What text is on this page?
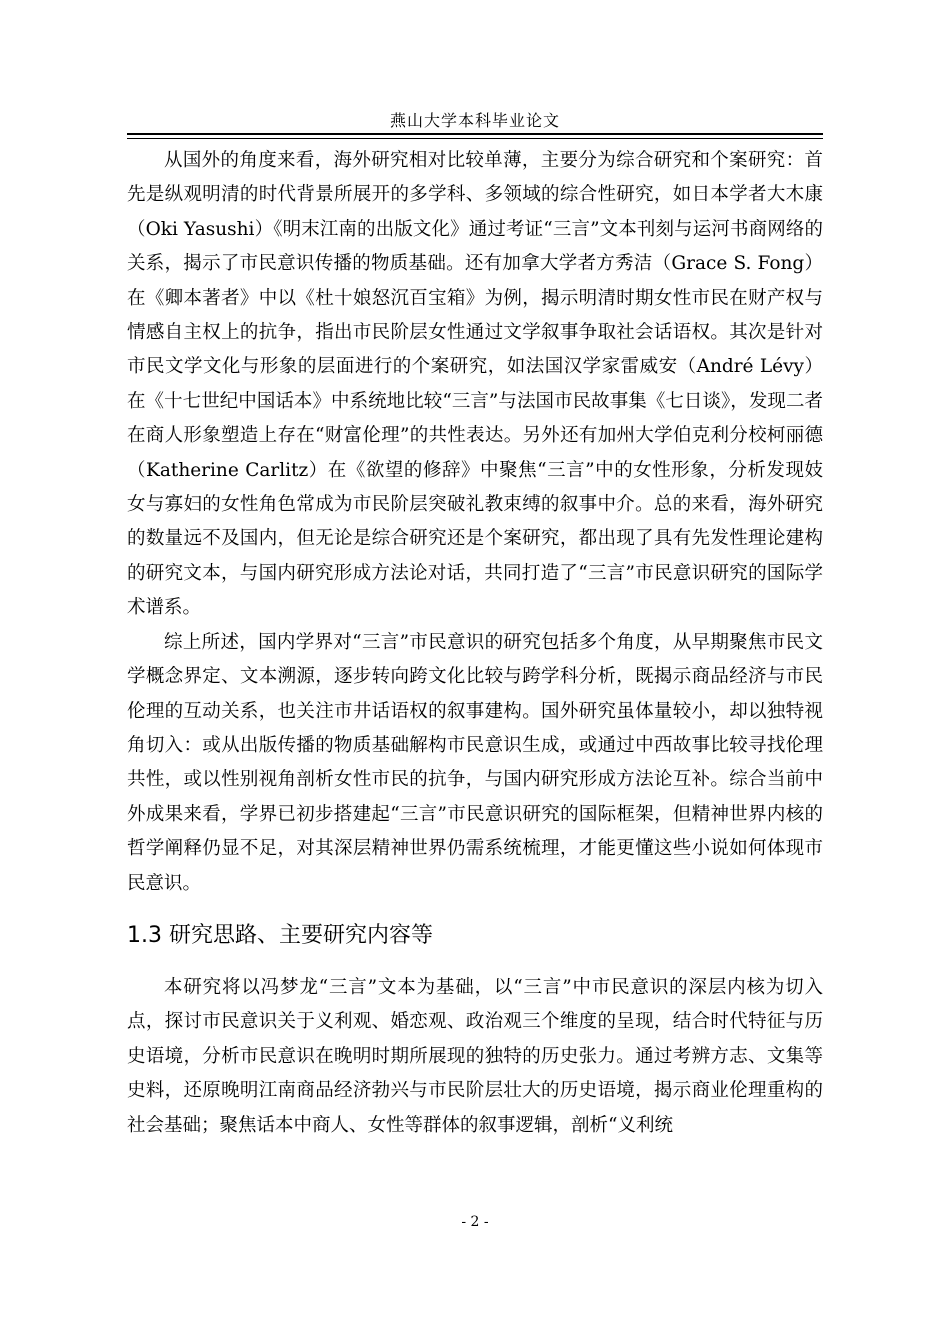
燕山大学本科毕业论文

从国外的角度来看，海外研究相对比较单薄，主要分为综合研究和个案研究：首先是纵观明清的时代背景所展开的多学科、多领域的综合性研究，如日本学者大木康（Oki Yasushi）《明末江南的出版文化》通过考证“三言”文本刊刻与运河书商网络的关系，揭示了市民意识传播的物质基础。还有加拿大学者方秀洁（Grace S. Fong）在《卿本著者》中以《杜十娘怒沉百宝箱》为例，揭示明清时期女性市民在财产权与情感自主权上的抗争，指出市民阶层女性通过文学叙事争取社会话语权。其次是针对市民文学文化与形象的层面进行的个案研究，如法国汉学家雷威安（André Lévy）在《十七世纪中国话本》中系统地比较“三言”与法国市民故事集《七日谈》，发现二者在商人形象塑造上存在“财富伦理”的共性表达。另外还有加州大学伯克利分校柯丽德（Katherine Carlitz）在《欲望的修辞》中聚焦“三言”中的女性形象，分析发现妓女与寡妇的女性角色常成为市民阶层突破礼教束缚的叙事中介。总的来看，海外研究的数量远不及国内，但无论是综合研究还是个案研究，都出现了具有先发性理论建构的研究文本，与国内研究形成方法论对话，共同打造了“三言”市民意识研究的国际学术谱系。

综上所述，国内学界对“三言”市民意识的研究包括多个角度，从早期聚焦市民文学概念界定、文本溯源，逐步转向跨文化比较与跨学科分析，既揭示商品经济与市民伦理的互动关系，也关注市井话语权的叙事建构。国外研究虽体量较小，却以独特视角切入：或从出版传播的物质基础解构市民意识生成，或通过中西故事比较寻找伦理共性，或以性别视角剖析女性市民的抗争，与国内研究形成方法论互补。综合当前中外成果来看，学界已初步搭建起“三言”市民意识研究的国际框架，但精神世界内核的哲学阐释仍显不足，对其深层精神世界仍需系统梳理，才能更懂这些小说如何体现市民意识。

1.3 研究思路、主要研究内容等

本研究将以冯梦龙“三言”文本为基础，以“三言”中市民意识的深层内核为切入点，探讨市民意识关于义利观、婚恋观、政治观三个维度的呈现，结合时代特征与历史语境，分析市民意识在晚明时期所展现的独特的历史张力。通过考辨方志、文集等史料，还原晚明江南商品经济勃兴与市民阶层壮大的历史语境，揭示商业伦理重构的社会基础；聚焦话本中商人、女性等群体的叙事逻辑，剖析“义利统

- 2 -
